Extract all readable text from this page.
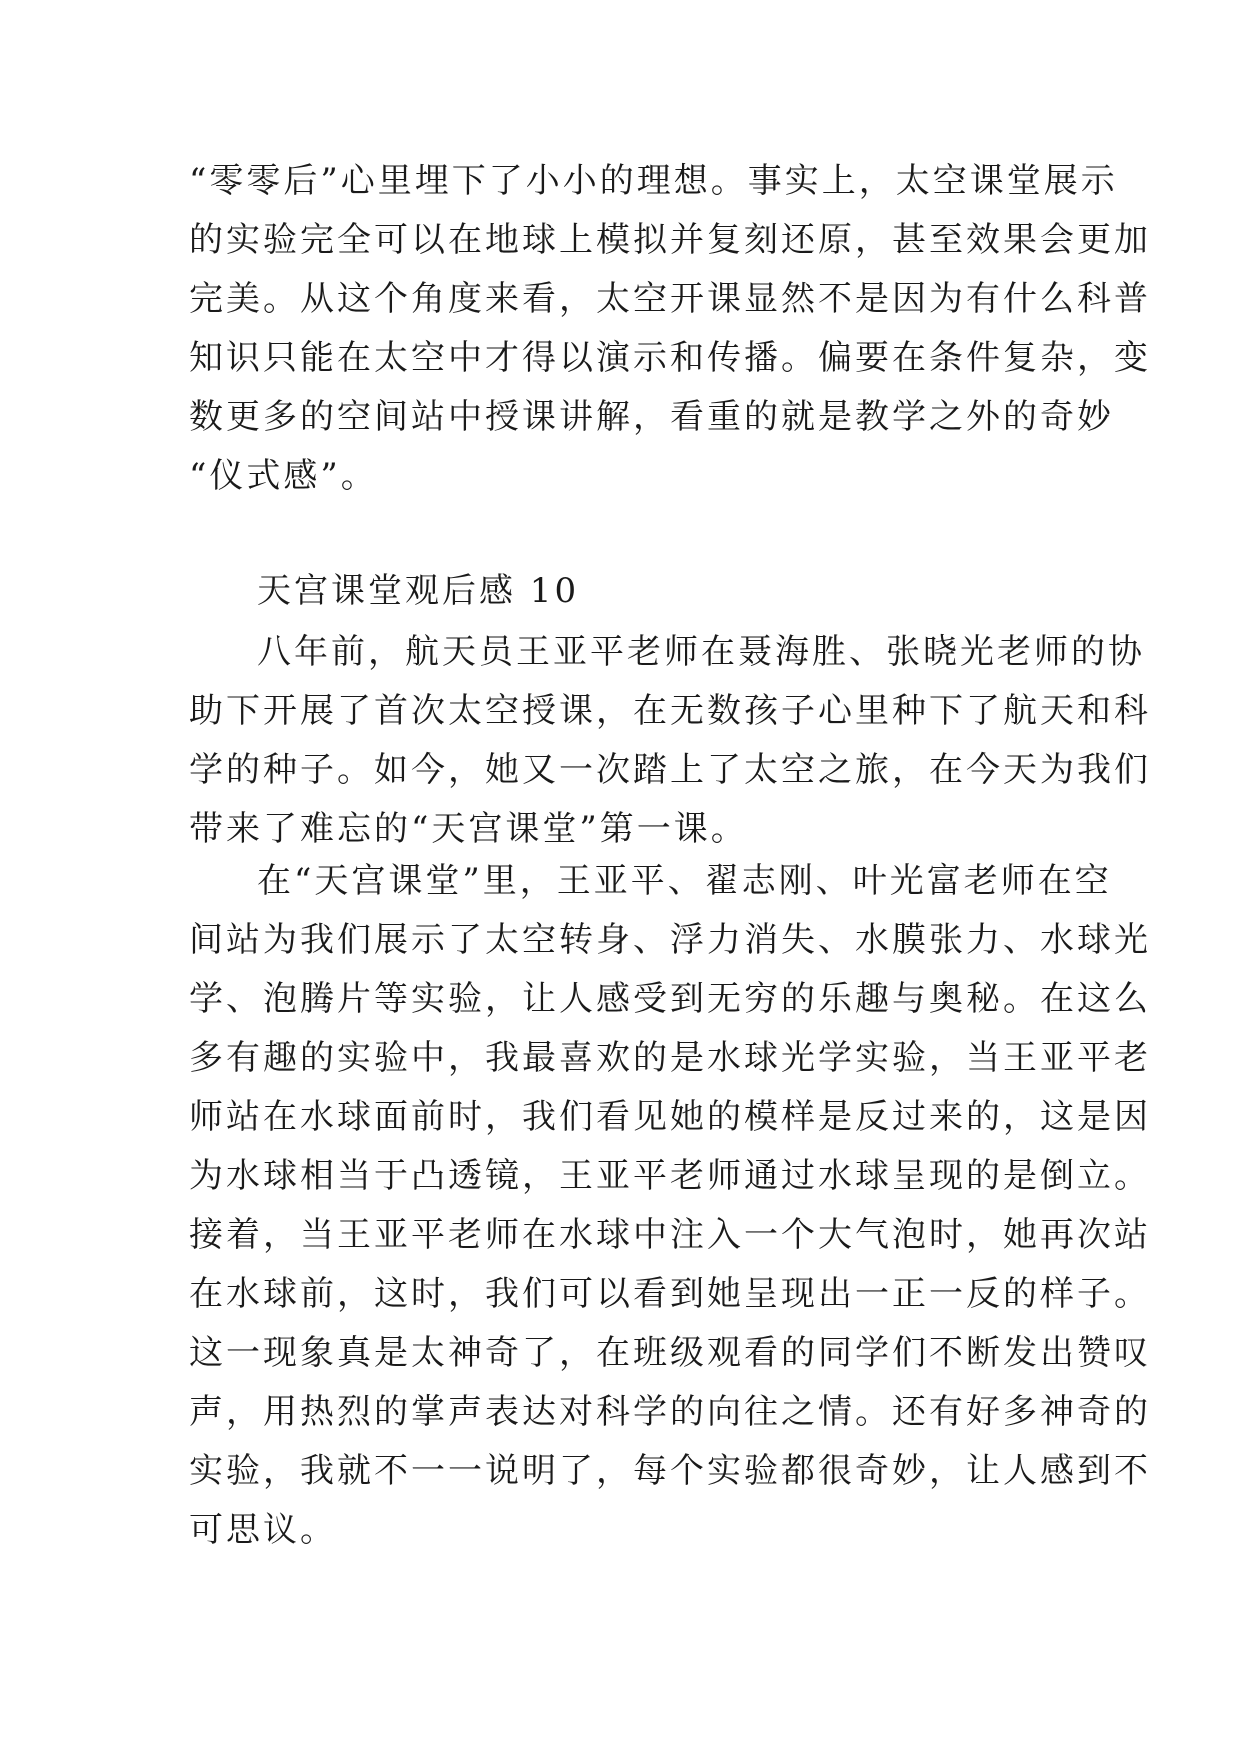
“零零后”心里埋下了小小的理想。事实上，太空课堂展示
的实验完全可以在地球上模拟并复刻还原，甚至效果会更加
完美。从这个角度来看，太空开课显然不是因为有什么科普
知识只能在太空中才得以演示和传播。偏要在条件复杂，变
数更多的空间站中授课讲解，看重的就是教学之外的奇妙
“仪式感”。
天宫课堂观后感 10
八年前，航天员王亚平老师在聂海胜、张晓光老师的协
助下开展了首次太空授课，在无数孩子心里种下了航天和科
学的种子。如今，她又一次踏上了太空之旅，在今天为我们
带来了难忘的“天宫课堂”第一课。
在“天宫课堂”里，王亚平、翟志刚、叶光富老师在空
间站为我们展示了太空转身、浮力消失、水膜张力、水球光
学、泡腾片等实验，让人感受到无穷的乐趣与奥秘。在这么
多有趣的实验中，我最喜欢的是水球光学实验，当王亚平老
师站在水球面前时，我们看见她的模样是反过来的，这是因
为水球相当于凸透镜，王亚平老师通过水球呈现的是倒立。
接着，当王亚平老师在水球中注入一个大气泡时，她再次站
在水球前，这时，我们可以看到她呈现出一正一反的样子。
这一现象真是太神奇了，在班级观看的同学们不断发出赞叹
声，用热烈的掌声表达对科学的向往之情。还有好多神奇的
实验，我就不一一说明了，每个实验都很奇妙，让人感到不
可思议。
